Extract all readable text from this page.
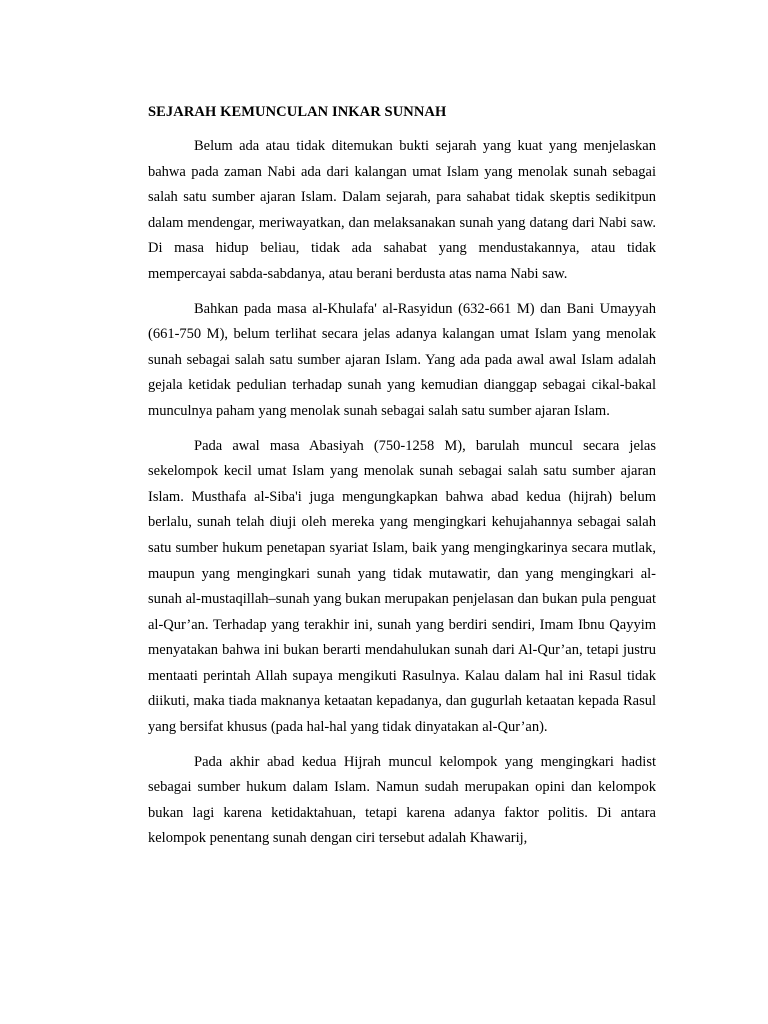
SEJARAH KEMUNCULAN INKAR SUNNAH

Belum ada atau tidak ditemukan bukti sejarah yang kuat yang menjelaskan bahwa pada zaman Nabi ada dari kalangan umat Islam yang menolak sunah sebagai salah satu sumber ajaran Islam. Dalam sejarah, para sahabat tidak skeptis sedikitpun dalam mendengar, meriwayatkan, dan melaksanakan sunah yang datang dari Nabi saw. Di masa hidup beliau, tidak ada sahabat yang mendustakannya, atau tidak mempercayai sabda-sabdanya, atau berani berdusta atas nama Nabi saw.

Bahkan pada masa al-Khulafa' al-Rasyidun (632-661 M) dan Bani Umayyah (661-750 M), belum terlihat secara jelas adanya kalangan umat Islam yang menolak sunah sebagai salah satu sumber ajaran Islam. Yang ada pada awal awal Islam adalah gejala ketidak pedulian terhadap sunah yang kemudian dianggap sebagai cikal-bakal munculnya paham yang menolak sunah sebagai salah satu sumber ajaran Islam.

Pada awal masa Abasiyah (750-1258 M), barulah muncul secara jelas sekelompok kecil umat Islam yang menolak sunah sebagai salah satu sumber ajaran Islam. Musthafa al-Siba'i juga mengungkapkan bahwa abad kedua (hijrah) belum berlalu, sunah telah diuji oleh mereka yang mengingkari kehujahannya sebagai salah satu sumber hukum penetapan syariat Islam, baik yang mengingkarinya secara mutlak, maupun yang mengingkari sunah yang tidak mutawatir, dan yang mengingkari al-sunah al-mustaqillah–sunah yang bukan merupakan penjelasan dan bukan pula penguat al-Qur’an. Terhadap yang terakhir ini, sunah yang berdiri sendiri, Imam Ibnu Qayyim menyatakan bahwa ini bukan berarti mendahulukan sunah dari Al-Qur’an, tetapi justru mentaati perintah Allah supaya mengikuti Rasulnya. Kalau dalam hal ini Rasul tidak diikuti, maka tiada maknanya ketaatan kepadanya, dan gugurlah ketaatan kepada Rasul yang bersifat khusus (pada hal-hal yang tidak dinyatakan al-Qur’an).

Pada akhir abad kedua Hijrah muncul kelompok yang mengingkari hadist sebagai sumber hukum dalam Islam. Namun sudah merupakan opini dan kelompok bukan lagi karena ketidaktahuan, tetapi karena adanya faktor politis. Di antara kelompok penentang sunah dengan ciri tersebut adalah Khawarij,
